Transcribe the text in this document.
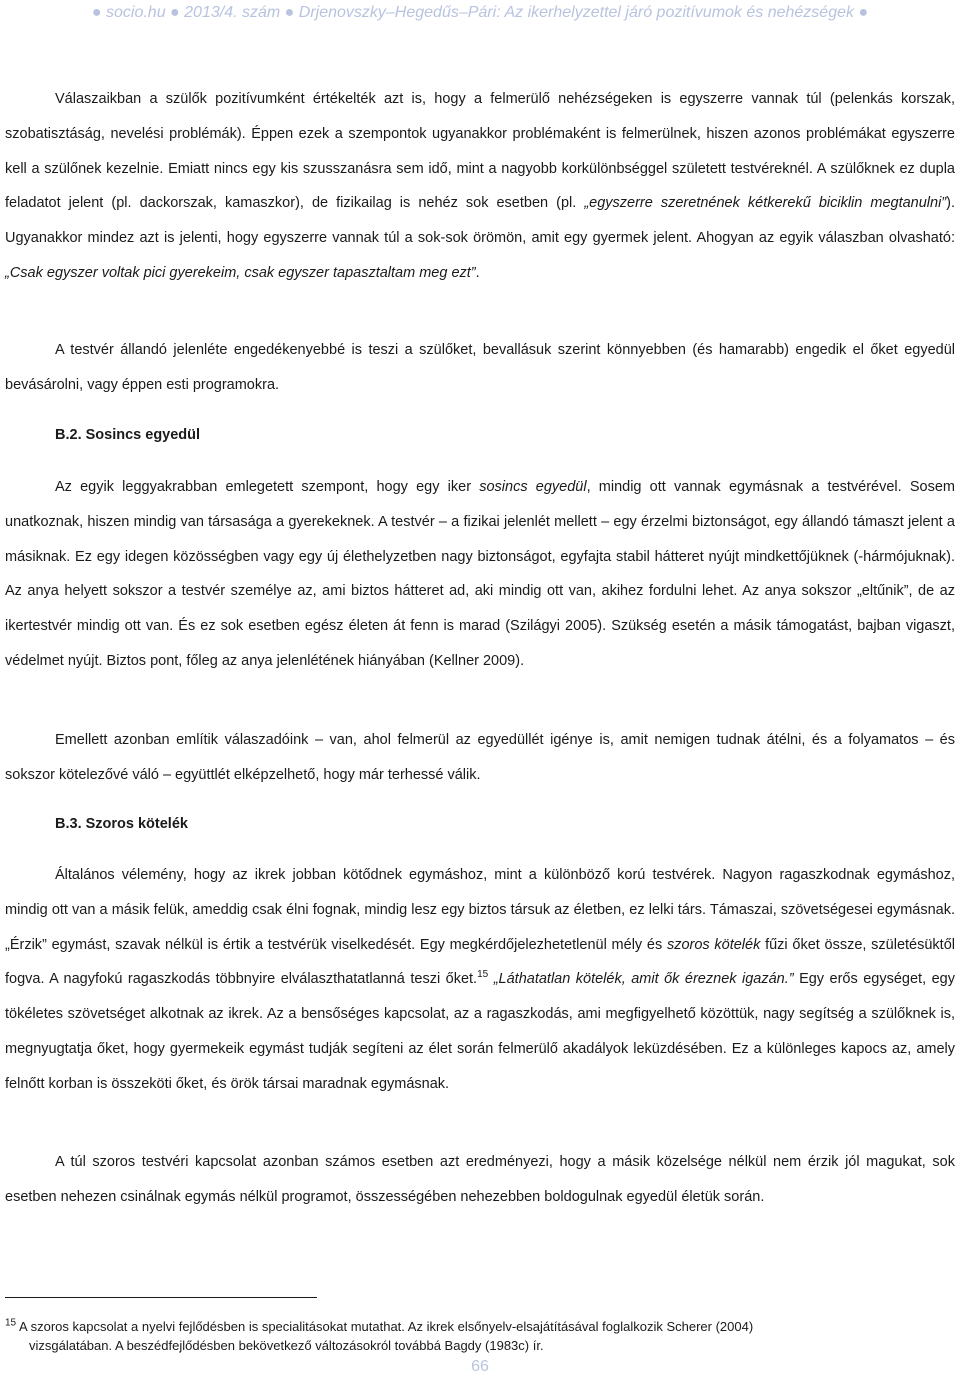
● socio.hu ● 2013/4. szám ● Drjenovszky–Hegedűs–Pári: Az ikerhelyzettel járó pozitívumok és nehézségek ●

Válaszaikban a szülők pozitívumként értékelték azt is, hogy a felmerülő nehézségeken is egyszerre vannak túl (pelenkás korszak, szobatisztáság, nevelési problémák). Éppen ezek a szempontok ugyanakkor problémaként is felmerülnek, hiszen azonos problémákat egyszerre kell a szülőnek kezelnie. Emiatt nincs egy kis szusszanásra sem idő, mint a nagyobb korkülönbséggel született testvéreknél. A szülőknek ez dupla feladatot jelent (pl. dackorszak, kamaszkor), de fizikailag is nehéz sok esetben (pl. „egyszerre szeretnének kétkerekű biciklin megtanulni”). Ugyanakkor mindez azt is jelenti, hogy egyszerre vannak túl a sok-sok örömön, amit egy gyermek jelent. Ahogyan az egyik válaszban olvasható: „Csak egyszer voltak pici gyerekeim, csak egyszer tapasztaltam meg ezt”.

A testvér állandó jelenléte engedékenyebbé is teszi a szülőket, bevallásuk szerint könnyebben (és hamarabb) engedik el őket egyedül bevásárolni, vagy éppen esti programokra.

B.2. Sosincs egyedül

Az egyik leggyakrabban emlegetett szempont, hogy egy iker sosincs egyedül, mindig ott vannak egymásnak a testvérével. Sosem unatkoznak, hiszen mindig van társasága a gyerekeknek. A testvér – a fizikai jelenlét mellett – egy érzelmi biztonságot, egy állandó támaszt jelent a másiknak. Ez egy idegen közösségben vagy egy új élethelyzetben nagy biztonságot, egyfajta stabil hátteret nyújt mindkettőjüknek (-hármójuknak). Az anya helyett sokszor a testvér személye az, ami biztos hátteret ad, aki mindig ott van, akihez fordulni lehet. Az anya sokszor „eltűnik”, de az ikertestvér mindig ott van. És ez sok esetben egész életen át fenn is marad (Szilágyi 2005). Szükség esetén a másik támogatást, bajban vigaszt, védelmet nyújt. Biztos pont, főleg az anya jelenlétének hiányában (Kellner 2009).

Emellett azonban említik válaszadóink – van, ahol felmerül az egyedüllét igénye is, amit nemigen tudnak átélni, és a folyamatos – és sokszor kötelezővé váló – együttlét elképzelhető, hogy már terhessé válik.

B.3. Szoros kötelék

Általános vélemény, hogy az ikrek jobban kötődnek egymáshoz, mint a különböző korú testvérek. Nagyon ragaszkodnak egymáshoz, mindig ott van a másik felük, ameddig csak élni fognak, mindig lesz egy biztos társuk az életben, ez lelki társ. Támaszai, szövetségesei egymásnak. „Érzik” egymást, szavak nélkül is értik a testvérük viselkedését. Egy megkérdőjelezhetetlenül mély és szoros kötelék fűzi őket össze, születésüktől fogva. A nagyfokú ragaszkodás többnyire elválaszthatatlanná teszi őket.$^{15}$ „Láthatatlan kötelék, amit ők éreznek igazán.” Egy erős egységet, egy tökéletes szövetséget alkotnak az ikrek. Az a bensőséges kapcsolat, az a ragaszkodás, ami megfigyelhető közöttük, nagy segítség a szülőknek is, megnyugtatja őket, hogy gyermekeik egymást tudják segíteni az élet során felmerülő akadályok leküzdésében. Ez a különleges kapocs az, amely felnőtt korban is összeköti őket, és örök társai maradnak egymásnak.

A túl szoros testvéri kapcsolat azonban számos esetben azt eredményezi, hogy a másik közelsége nélkül nem érzik jól magukat, sok esetben nehezen csinálnak egymás nélkül programot, összességében nehezebben boldogulnak egyedül életük során.

$^{15}$ A szoros kapcsolat a nyelvi fejlődésben is specialitásokat mutathat. Az ikrek elsőnyelv-elsajátításával foglalkozik Scherer (2004)
vizsgálatában. A beszédfejlődésben bekövetkező változásokról továbbá Bagdy (1983c) ír.
66
